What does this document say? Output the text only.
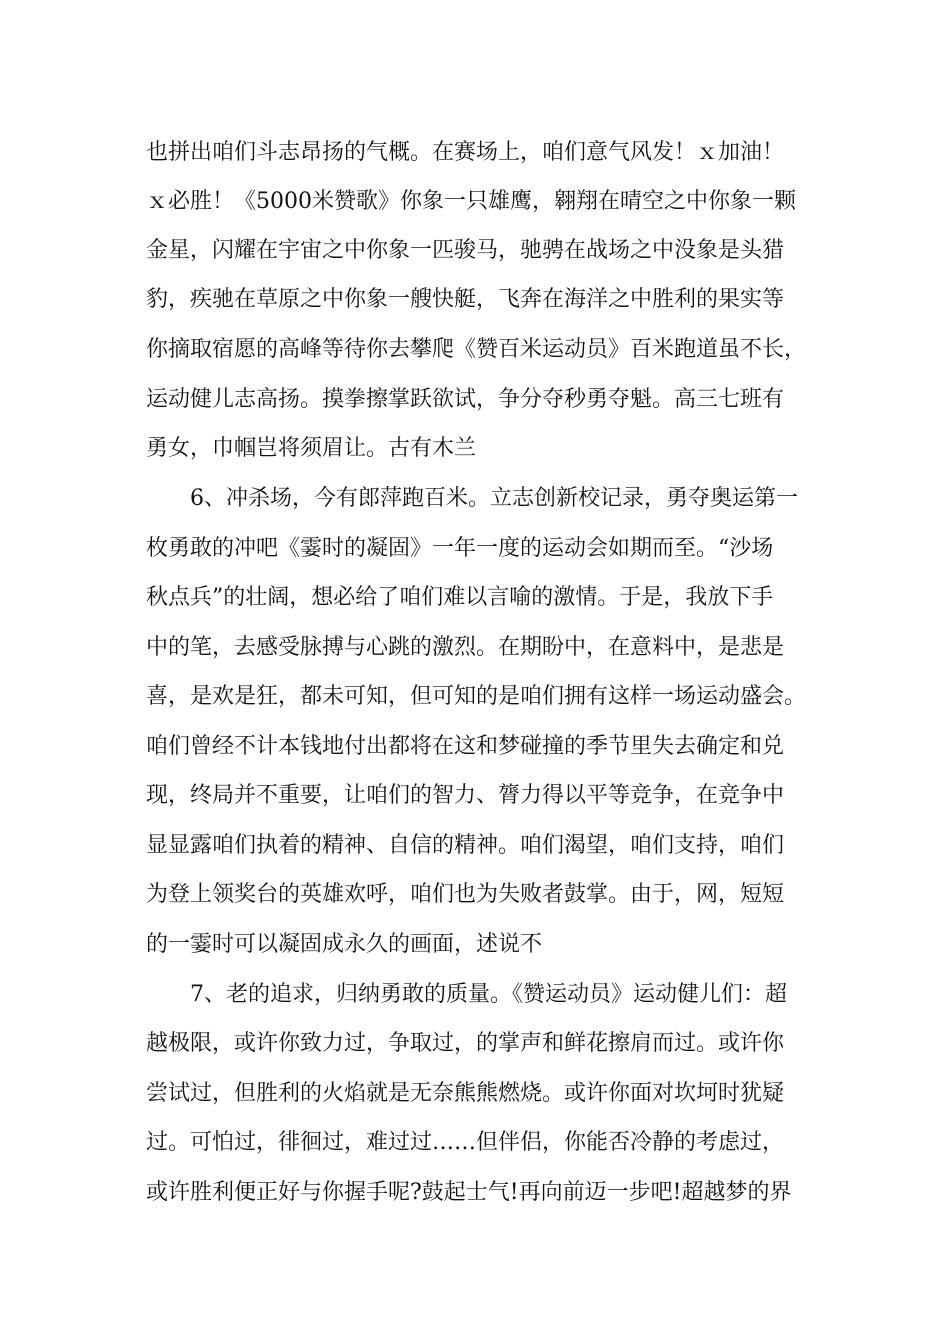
也拼出咱们斗志昂扬的气概。在赛场上，咱们意气风发！ｘ加油！
ｘ必胜！《5000米赞歌》你象一只雄鹰，翱翔在晴空之中你象一颗
金星，闪耀在宇宙之中你象一匹骏马，驰骋在战场之中没象是头猎
豹，疾驰在草原之中你象一艘快艇，飞奔在海洋之中胜利的果实等
你摘取宿愿的高峰等待你去攀爬《赞百米运动员》百米跑道虽不长，
运动健儿志高扬。摸拳擦掌跃欲试，争分夺秒勇夺魁。高三七班有
勇女，巾帼岂将须眉让。古有木兰
6、冲杀场，今有郎萍跑百米。立志创新校记录，勇夺奥运第一
枚勇敢的冲吧《霎时的凝固》一年一度的运动会如期而至。“沙场
秋点兵”的壮阔，想必给了咱们难以言喻的激情。于是，我放下手
中的笔，去感受脉搏与心跳的激烈。在期盼中，在意料中，是悲是
喜，是欢是狂，都未可知，但可知的是咱们拥有这样一场运动盛会。
咱们曾经不计本钱地付出都将在这和梦碰撞的季节里失去确定和兑
现，终局并不重要，让咱们的智力、膂力得以平等竞争，在竞争中
显显露咱们执着的精神、自信的精神。咱们渴望，咱们支持，咱们
为登上领奖台的英雄欢呼，咱们也为失败者鼓掌。由于，网，短短
的一霎时可以凝固成永久的画面，述说不
7、老的追求，归纳勇敢的质量。《赞运动员》运动健儿们：超
越极限，或许你致力过，争取过，的掌声和鲜花擦肩而过。或许你
尝试过，但胜利的火焰就是无奈熊熊燃烧。或许你面对坎坷时犹疑
过。可怕过，徘徊过，难过过……但伴侣，你能否冷静的考虑过，
或许胜利便正好与你握手呢?鼓起士气!再向前迈一步吧!超越梦的界
